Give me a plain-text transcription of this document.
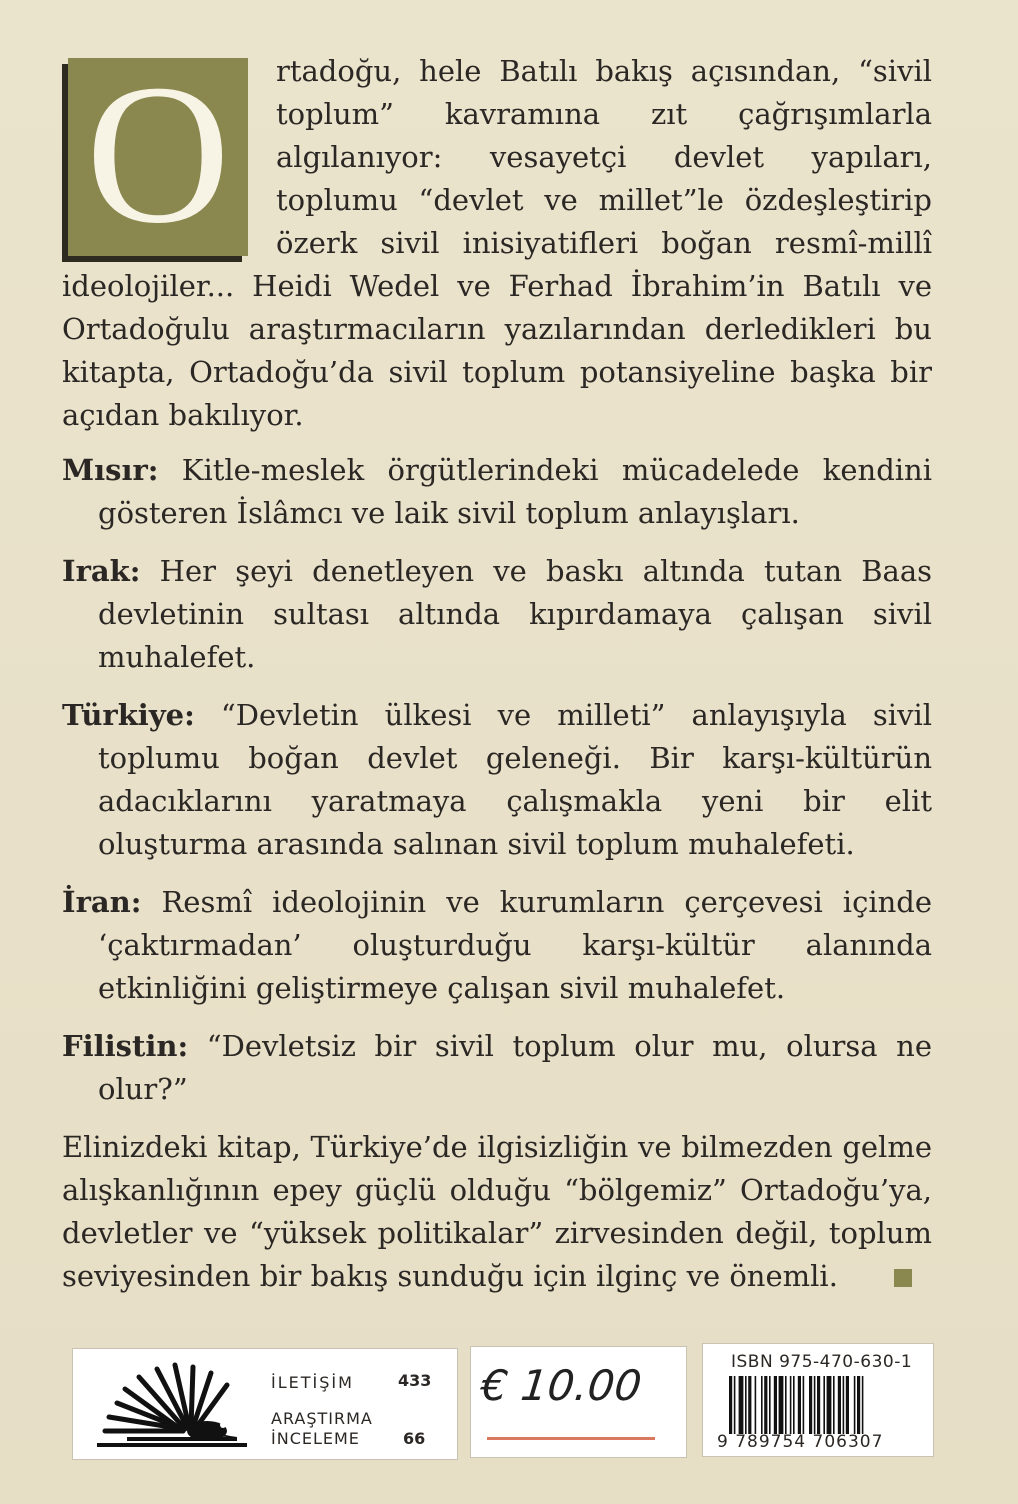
O	rtadoğu, hele Batılı bakış açısından, “sivil toplum” kavramına zıt çağrışımlarla algılanıyor: vesayetçi devlet yapıları, toplumu “devlet ve millet”le özdeşleştirip özerk sivil inisiyatifleri boğan resmî-millî ideolojiler... Heidi Wedel ve Ferhad İbrahim’in Batılı ve Ortadoğulu araştırmacıların yazılarından derledikleri bu kitapta, Ortadoğu’da sivil toplum potansiyeline başka bir açıdan bakılıyor.

Mısır: Kitle-meslek örgütlerindeki mücadelede kendini gösteren İslâmcı ve laik sivil toplum anlayışları.

Irak: Her şeyi denetleyen ve baskı altında tutan Baas devletinin sultası altında kıpırdamaya çalışan sivil muhalefet.

Türkiye: “Devletin ülkesi ve milleti” anlayışıyla sivil toplumu boğan devlet geleneği. Bir karşı-kültürün adacıklarını yaratmaya çalışmakla yeni bir elit oluşturma arasında salınan sivil toplum muhalefeti.

İran: Resmî ideolojinin ve kurumların çerçevesi içinde ‘çaktırmadan’ oluşturduğu karşı-kültür alanında etkinliğini geliştirmeye çalışan sivil muhalefet.

Filistin: “Devletsiz bir sivil toplum olur mu, olursa ne olur?”

Elinizdeki kitap, Türkiye’de ilgisizliğin ve bilmezden gelme alışkanlığının epey güçlü olduğu “bölgemiz” Ortadoğu’ya, devletler ve “yüksek politikalar” zirvesinden değil, toplum seviyesinden bir bakış sunduğu için ilginç ve önemli.

İLETİŞİM	433
ARAŞTIRMA
İNCELEME	66
€ 10.00	ISBN 975-470-630-1
9 789754 706307
